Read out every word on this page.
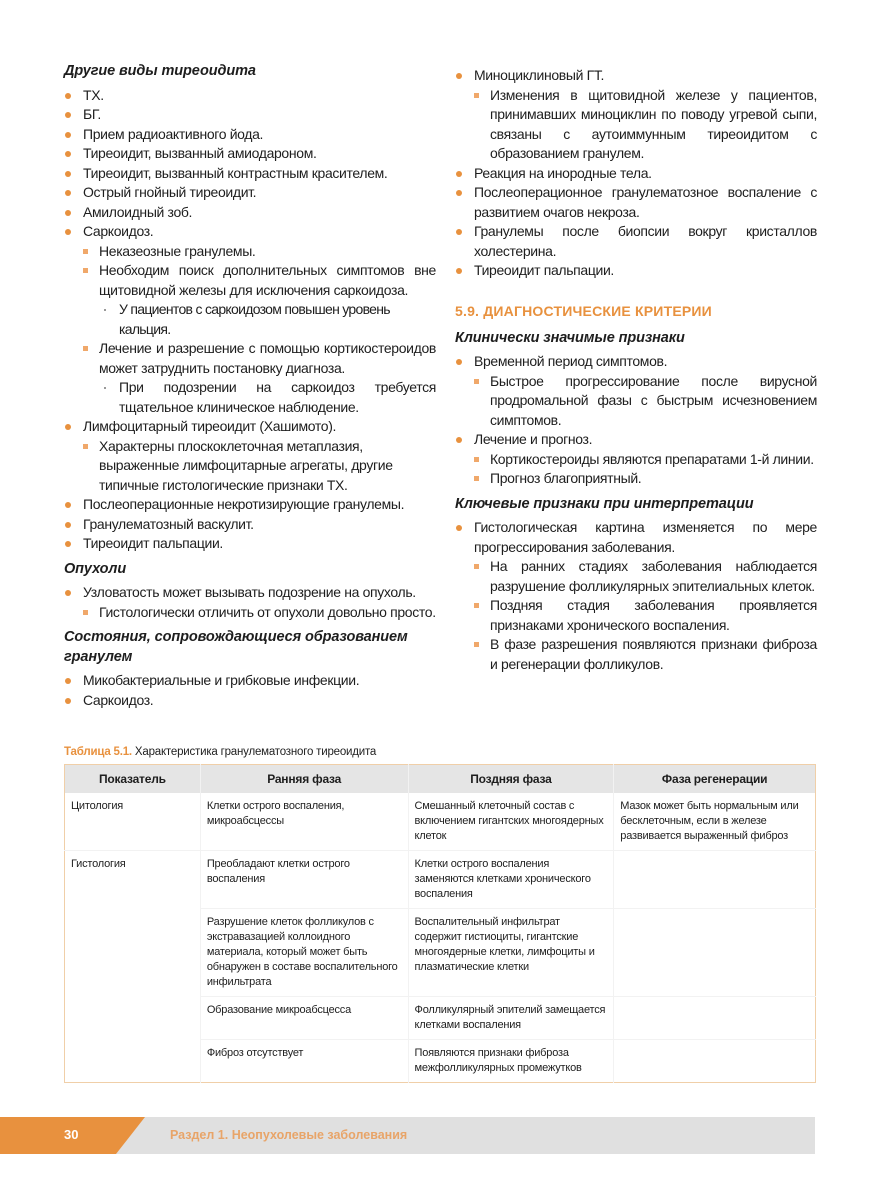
Другие виды тиреоидита
ТХ.
БГ.
Прием радиоактивного йода.
Тиреоидит, вызванный амиодароном.
Тиреоидит, вызванный контрастным красителем.
Острый гнойный тиреоидит.
Амилоидный зоб.
Саркоидоз.
Неказеозные гранулемы.
Необходим поиск дополнительных симптомов вне щитовидной железы для исключения саркоидоза.
У пациентов с саркоидозом повышен уровень кальция.
Лечение и разрешение с помощью кортикостероидов может затруднить постановку диагноза.
При подозрении на саркоидоз требуется тщательное клиническое наблюдение.
Лимфоцитарный тиреоидит (Хашимото).
Характерны плоскоклеточная метаплазия, выраженные лимфоцитарные агрегаты, другие типичные гистологические признаки ТХ.
Послеоперационные некротизирующие гранулемы.
Гранулематозный васкулит.
Тиреоидит пальпации.
Опухоли
Узловатость может вызывать подозрение на опухоль.
Гистологически отличить от опухоли довольно просто.
Состояния, сопровождающиеся образованием гранулем
Микобактериальные и грибковые инфекции.
Саркоидоз.
Миноциклиновый ГТ.
Изменения в щитовидной железе у пациентов, принимавших миноциклин по поводу угревой сыпи, связаны с аутоиммунным тиреоидитом с образованием гранулем.
Реакция на инородные тела.
Послеоперационное гранулематозное воспаление с развитием очагов некроза.
Гранулемы после биопсии вокруг кристаллов холестерина.
Тиреоидит пальпации.
5.9. ДИАГНОСТИЧЕСКИЕ КРИТЕРИИ
Клинически значимые признаки
Временной период симптомов.
Быстрое прогрессирование после вирусной продромальной фазы с быстрым исчезновением симптомов.
Лечение и прогноз.
Кортикостероиды являются препаратами 1-й линии.
Прогноз благоприятный.
Ключевые признаки при интерпретации
Гистологическая картина изменяется по мере прогрессирования заболевания.
На ранних стадиях заболевания наблюдается разрушение фолликулярных эпителиальных клеток.
Поздняя стадия заболевания проявляется признаками хронического воспаления.
В фазе разрешения появляются признаки фиброза и регенерации фолликулов.
Таблица 5.1. Характеристика гранулематозного тиреоидита
Показатель	Ранняя фаза	Поздняя фаза	Фаза регенерации
Цитология	Клетки острого воспаления, микроабсцессы	Смешанный клеточный состав с включением гигантских многоядерных клеток	Мазок может быть нормальным или бесклеточным, если в железе развивается выраженный фиброз
Гистология	Преобладают клетки острого воспаления	Клетки острого воспаления заменяются клетками хронического воспаления	
	Разрушение клеток фолликулов с экстравазацией коллоидного материала, который может быть обнаружен в составе воспалительного инфильтрата	Воспалительный инфильтрат содержит гистиоциты, гигантские многоядерные клетки, лимфоциты и плазматические клетки	
	Образование микроабсцесса	Фолликулярный эпителий замещается клетками воспаления	
	Фиброз отсутствует	Появляются признаки фиброза межфолликулярных промежутков	
30	Раздел 1. Неопухолевые заболевания
